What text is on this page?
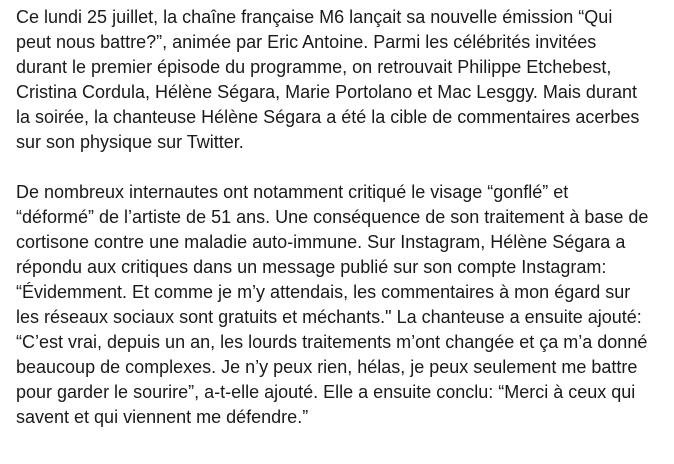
Ce lundi 25 juillet, la chaîne française M6 lançait sa nouvelle émission “Qui
peut nous battre?”, animée par Eric Antoine. Parmi les célébrités invitées
durant le premier épisode du programme, on retrouvait Philippe Etchebest,
Cristina Cordula, Hélène Ségara, Marie Portolano et Mac Lesggy. Mais durant
la soirée, la chanteuse Hélène Ségara a été la cible de commentaires acerbes
sur son physique sur Twitter.

De nombreux internautes ont notamment critiqué le visage “gonflé” et
“déformé” de l’artiste de 51 ans. Une conséquence de son traitement à base de
cortisone contre une maladie auto-immune. Sur Instagram, Hélène Ségara a
répondu aux critiques dans un message publié sur son compte Instagram:
“Évidemment. Et comme je m’y attendais, les commentaires à mon égard sur
les réseaux sociaux sont gratuits et méchants." La chanteuse a ensuite ajouté:
“C’est vrai, depuis un an, les lourds traitements m’ont changée et ça m’a donné
beaucoup de complexes. Je n’y peux rien, hélas, je peux seulement me battre
pour garder le sourire”, a-t-elle ajouté. Elle a ensuite conclu: “Merci à ceux qui
savent et qui viennent me défendre.”
